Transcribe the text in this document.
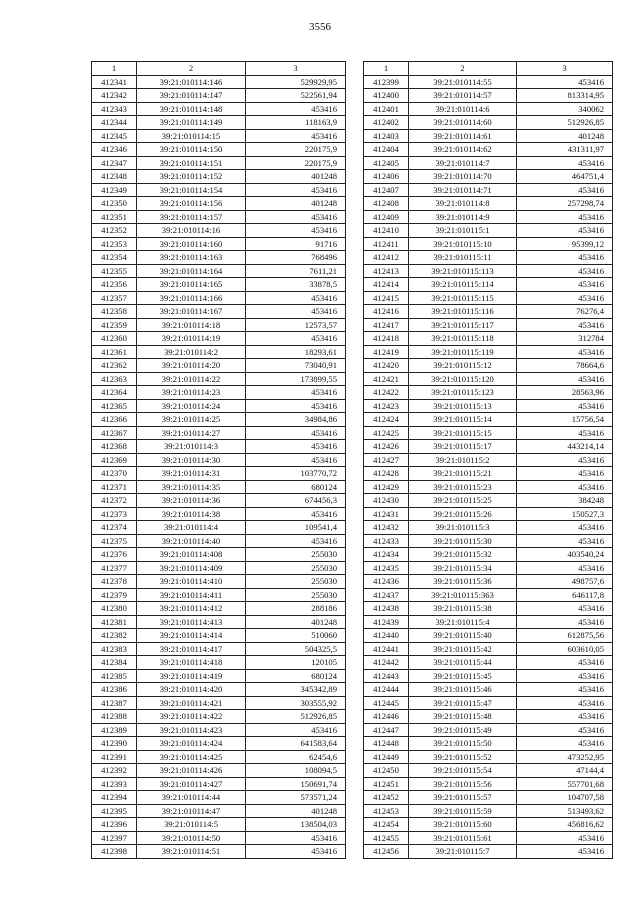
3556
1	2	3
412341	39:21:010114:146	529929,95
412342	39:21:010114:147	522561,94
412343	39:21:010114:148	453416
412344	39:21:010114:149	118163,9
412345	39:21:010114:15	453416
412346	39:21:010114:150	220175,9
412347	39:21:010114:151	220175,9
412348	39:21:010114:152	401248
412349	39:21:010114:154	453416
412350	39:21:010114:156	401248
412351	39:21:010114:157	453416
412352	39:21:010114:16	453416
412353	39:21:010114:160	91716
412354	39:21:010114:163	768496
412355	39:21:010114:164	7611,21
412356	39:21:010114:165	33878,5
412357	39:21:010114:166	453416
412358	39:21:010114:167	453416
412359	39:21:010114:18	12573,57
412360	39:21:010114:19	453416
412361	39:21:010114:2	18293,61
412362	39:21:010114:20	73040,91
412363	39:21:010114:22	173899,55
412364	39:21:010114:23	453416
412365	39:21:010114:24	453416
412366	39:21:010114:25	34984,86
412367	39:21:010114:27	453416
412368	39:21:010114:3	453416
412369	39:21:010114:30	453416
412370	39:21:010114:31	103770,72
412371	39:21:010114:35	680124
412372	39:21:010114:36	674456,3
412373	39:21:010114:38	453416
412374	39:21:010114:4	109541,4
412375	39:21:010114:40	453416
412376	39:21:010114:408	255030
412377	39:21:010114:409	255030
412378	39:21:010114:410	255030
412379	39:21:010114:411	255030
412380	39:21:010114:412	288186
412381	39:21:010114:413	401248
412382	39:21:010114:414	510060
412383	39:21:010114:417	504325,5
412384	39:21:010114:418	120105
412385	39:21:010114:419	680124
412386	39:21:010114:420	345342,89
412387	39:21:010114:421	303555,92
412388	39:21:010114:422	512926,85
412389	39:21:010114:423	453416
412390	39:21:010114:424	641583,64
412391	39:21:010114:425	62454,6
412392	39:21:010114:426	108094,5
412393	39:21:010114:427	150691,74
412394	39:21:010114:44	573571,24
412395	39:21:010114:47	401248
412396	39:21:010114:5	138504,03
412397	39:21:010114:50	453416
412398	39:21:010114:51	453416
1	2	3
412399	39:21:010114:55	453416
412400	39:21:010114:57	813314,95
412401	39:21:010114:6	340062
412402	39:21:010114:60	512926,85
412403	39:21:010114:61	401248
412404	39:21:010114:62	431311,97
412405	39:21:010114:7	453416
412406	39:21:010114:70	464751,4
412407	39:21:010114:71	453416
412408	39:21:010114:8	257298,74
412409	39:21:010114:9	453416
412410	39:21:010115:1	453416
412411	39:21:010115:10	95399,12
412412	39:21:010115:11	453416
412413	39:21:010115:113	453416
412414	39:21:010115:114	453416
412415	39:21:010115:115	453416
412416	39:21:010115:116	76276,4
412417	39:21:010115:117	453416
412418	39:21:010115:118	312784
412419	39:21:010115:119	453416
412420	39:21:010115:12	78664,6
412421	39:21:010115:120	453416
412422	39:21:010115:123	28563,96
412423	39:21:010115:13	453416
412424	39:21:010115:14	15756,54
412425	39:21:010115:15	453416
412426	39:21:010115:17	443214,14
412427	39:21:010115:2	453416
412428	39:21:010115:21	453416
412429	39:21:010115:23	453416
412430	39:21:010115:25	384248
412431	39:21:010115:26	150527,3
412432	39:21:010115:3	453416
412433	39:21:010115:30	453416
412434	39:21:010115:32	403540,24
412435	39:21:010115:34	453416
412436	39:21:010115:36	498757,6
412437	39:21:010115:363	646117,8
412438	39:21:010115:38	453416
412439	39:21:010115:4	453416
412440	39:21:010115:40	612875,56
412441	39:21:010115:42	603610,05
412442	39:21:010115:44	453416
412443	39:21:010115:45	453416
412444	39:21:010115:46	453416
412445	39:21:010115:47	453416
412446	39:21:010115:48	453416
412447	39:21:010115:49	453416
412448	39:21:010115:50	453416
412449	39:21:010115:52	473252,95
412450	39:21:010115:54	47144,4
412451	39:21:010115:56	557701,68
412452	39:21:010115:57	104707,58
412453	39:21:010115:59	513493,62
412454	39:21:010115:60	456816,62
412455	39:21:010115:61	453416
412456	39:21:010115:7	453416
